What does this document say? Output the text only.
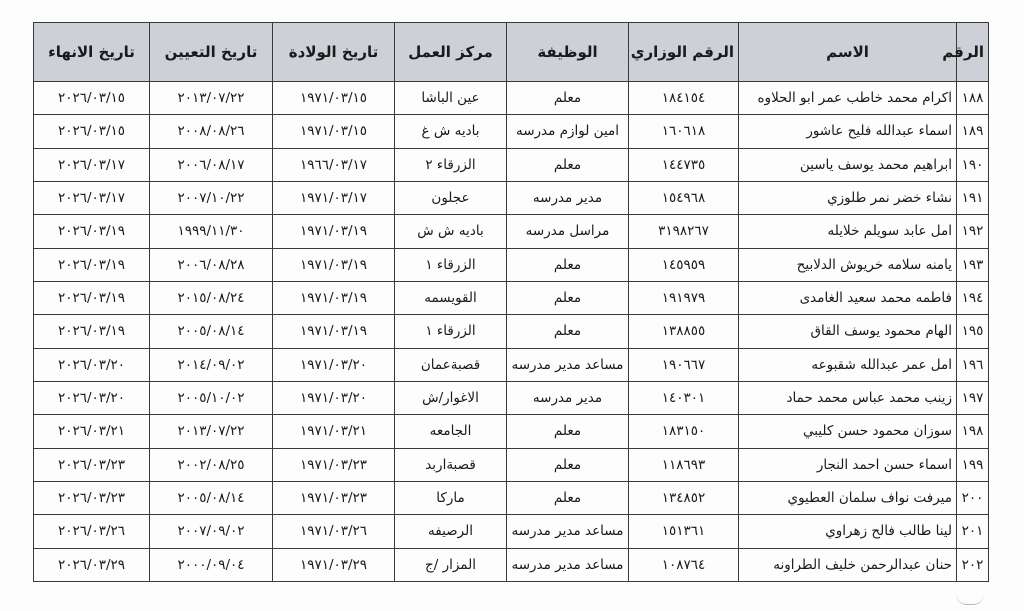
الرقم	الاسم	الرقم الوزاري	الوظيفة	مركز العمل	تاريخ الولادة	تاريخ التعيين	تاريخ الانهاء
١٨٨	اكرام محمد خاطب عمر ابو الحلاوه	١٨٤١٥٤	معلم	عين الباشا	١٩٧١/٠٣/١٥	٢٠١٣/٠٧/٢٢	٢٠٢٦/٠٣/١٥
١٨٩	اسماء عبدالله فليح عاشور	١٦٠٦١٨	امين لوازم مدرسه	باديه ش غ	١٩٧١/٠٣/١٥	٢٠٠٨/٠٨/٢٦	٢٠٢٦/٠٣/١٥
١٩٠	ابراهيم محمد يوسف ياسين	١٤٤٧٣٥	معلم	الزرقاء ٢	١٩٦٦/٠٣/١٧	٢٠٠٦/٠٨/١٧	٢٠٢٦/٠٣/١٧
١٩١	نشاء خضر نمر طلوزي	١٥٤٩٦٨	مدير مدرسه	عجلون	١٩٧١/٠٣/١٧	٢٠٠٧/١٠/٢٢	٢٠٢٦/٠٣/١٧
١٩٢	امل عابد سويلم خلايله	٣١٩٨٢٦٧	مراسل مدرسه	باديه ش ش	١٩٧١/٠٣/١٩	١٩٩٩/١١/٣٠	٢٠٢٦/٠٣/١٩
١٩٣	يامنه سلامه خريوش الدلابيح	١٤٥٩٥٩	معلم	الزرقاء ١	١٩٧١/٠٣/١٩	٢٠٠٦/٠٨/٢٨	٢٠٢٦/٠٣/١٩
١٩٤	فاطمه محمد سعيد الغامدى	١٩١٩٧٩	معلم	القويسمه	١٩٧١/٠٣/١٩	٢٠١٥/٠٨/٢٤	٢٠٢٦/٠٣/١٩
١٩٥	الهام محمود يوسف القاق	١٣٨٨٥٥	معلم	الزرقاء ١	١٩٧١/٠٣/١٩	٢٠٠٥/٠٨/١٤	٢٠٢٦/٠٣/١٩
١٩٦	امل عمر عبدالله شقبوعه	١٩٠٦٦٧	مساعد مدير مدرسه	قصبةعمان	١٩٧١/٠٣/٢٠	٢٠١٤/٠٩/٠٢	٢٠٢٦/٠٣/٢٠
١٩٧	زينب محمد عباس محمد حماد	١٤٠٣٠١	مدير مدرسه	الاغوار/ش	١٩٧١/٠٣/٢٠	٢٠٠٥/١٠/٠٢	٢٠٢٦/٠٣/٢٠
١٩٨	سوزان محمود حسن كليبي	١٨٣١٥٠	معلم	الجامعه	١٩٧١/٠٣/٢١	٢٠١٣/٠٧/٢٢	٢٠٢٦/٠٣/٢١
١٩٩	اسماء حسن احمد النجار	١١٨٦٩٣	معلم	قصبةاربد	١٩٧١/٠٣/٢٣	٢٠٠٢/٠٨/٢٥	٢٠٢٦/٠٣/٢٣
٢٠٠	ميرفت نواف سلمان العطيوي	١٣٤٨٥٢	معلم	ماركا	١٩٧١/٠٣/٢٣	٢٠٠٥/٠٨/١٤	٢٠٢٦/٠٣/٢٣
٢٠١	لينا طالب فالح زهراوي	١٥١٣٦١	مساعد مدير مدرسه	الرصيفه	١٩٧١/٠٣/٢٦	٢٠٠٧/٠٩/٠٢	٢٠٢٦/٠٣/٢٦
٢٠٢	حنان عبدالرحمن خليف الطراونه	١٠٨٧٦٤	مساعد مدير مدرسه	المزار /ج	١٩٧١/٠٣/٢٩	٢٠٠٠/٠٩/٠٤	٢٠٢٦/٠٣/٢٩
